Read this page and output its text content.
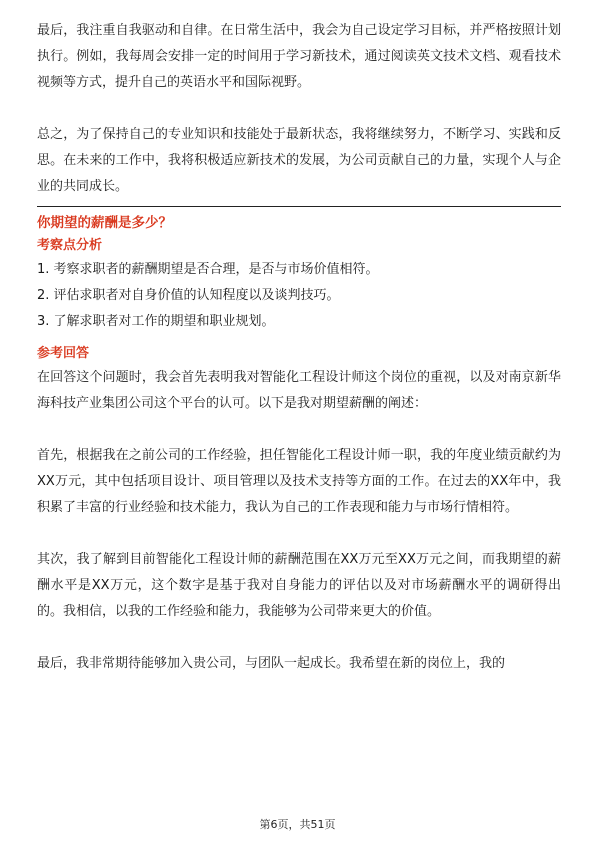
最后，我注重自我驱动和自律。在日常生活中，我会为自己设定学习目标，并严格按照计划执行。例如，我每周会安排一定的时间用于学习新技术，通过阅读英文技术文档、观看技术视频等方式，提升自己的英语水平和国际视野。

总之，为了保持自己的专业知识和技能处于最新状态，我将继续努力，不断学习、实践和反思。在未来的工作中，我将积极适应新技术的发展，为公司贡献自己的力量，实现个人与企业的共同成长。

你期望的薪酬是多少？

考察点分析

1. 考察求职者的薪酬期望是否合理，是否与市场价值相符。

2. 评估求职者对自身价值的认知程度以及谈判技巧。

3. 了解求职者对工作的期望和职业规划。

参考回答

在回答这个问题时，我会首先表明我对智能化工程设计师这个岗位的重视，以及对南京新华海科技产业集团公司这个平台的认可。以下是我对期望薪酬的阐述：

首先，根据我在之前公司的工作经验，担任智能化工程设计师一职，我的年度业绩贡献约为XX万元，其中包括项目设计、项目管理以及技术支持等方面的工作。在过去的XX年中，我积累了丰富的行业经验和技术能力，我认为自己的工作表现和能力与市场行情相符。

其次，我了解到目前智能化工程设计师的薪酬范围在XX万元至XX万元之间，而我期望的薪酬水平是XX万元，这个数字是基于我对自身能力的评估以及对市场薪酬水平的调研得出的。我相信，以我的工作经验和能力，我能够为公司带来更大的价值。

最后，我非常期待能够加入贵公司，与团队一起成长。我希望在新的岗位上，我的

第6页，共51页
